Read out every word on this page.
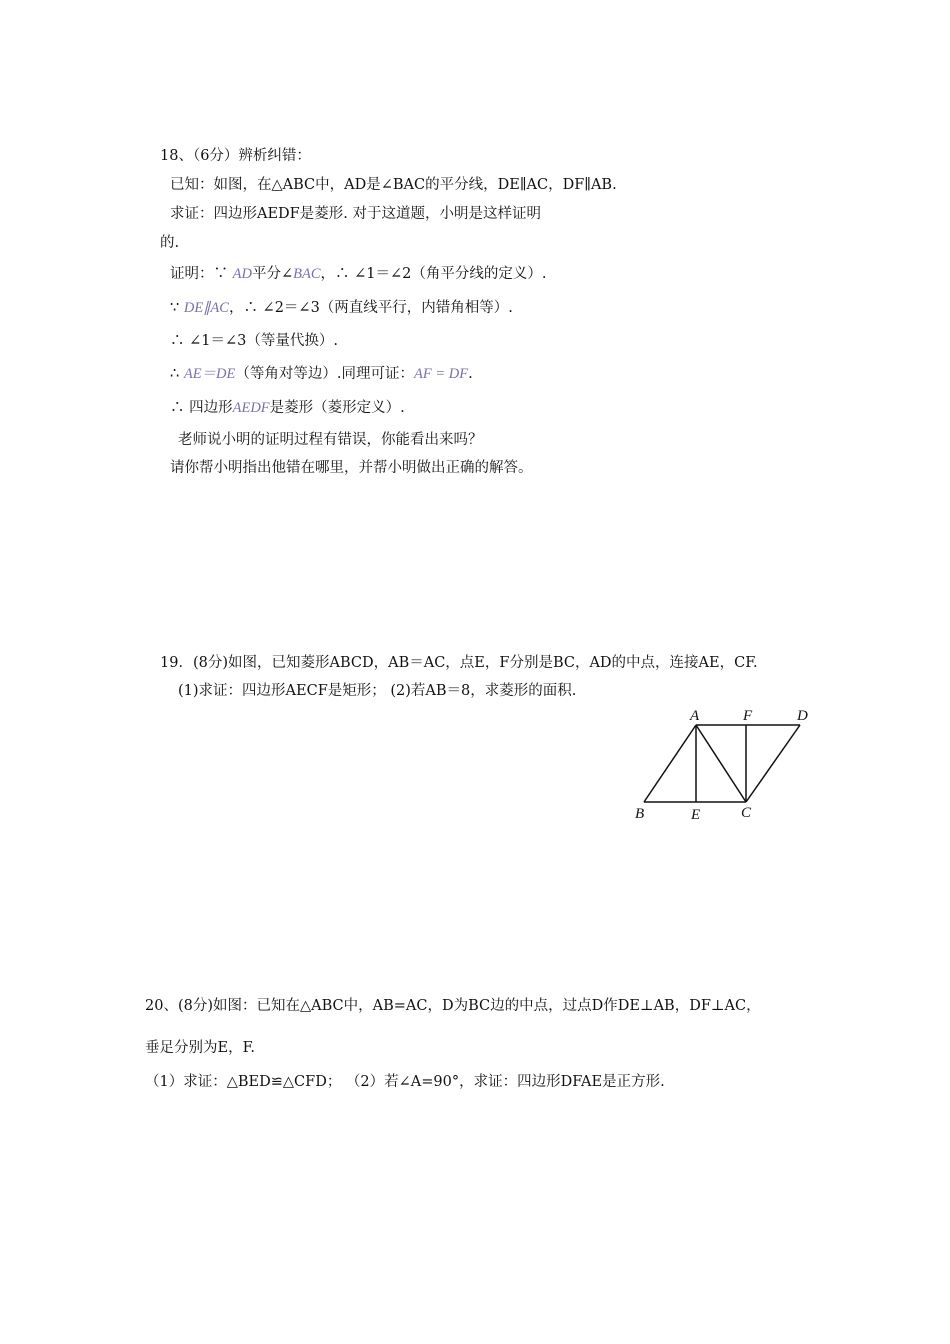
18、（6分）辨析纠错：
已知：如图，在△ABC中，AD是∠BAC的平分线，DE∥AC，DF∥AB.
求证：四边形AEDF是菱形. 对于这道题，小明是这样证明
的.
证明：∵ AD平分∠BAC，∴ ∠1＝∠2（角平分线的定义）.
∵ DE∥AC，∴ ∠2＝∠3（两直线平行，内错角相等）.
∴ ∠1＝∠3（等量代换）.
∴ AE＝DE（等角对等边）.同理可证：AF = DF.
∴ 四边形AEDF是菱形（菱形定义）.
老师说小明的证明过程有错误，你能看出来吗？
请你帮小明指出他错在哪里，并帮小明做出正确的解答。
19．(8分)如图，已知菱形ABCD，AB＝AC，点E，F分别是BC，AD的中点，连接AE，CF.
(1)求证：四边形AECF是矩形； (2)若AB＝8，求菱形的面积.
A	F	D
B	E	C
20、(8分)如图：已知在△ABC中，AB=AC，D为BC边的中点，过点D作DE⊥AB，DF⊥AC，
垂足分别为E，F.
（1）求证：△BED≌△CFD； （2）若∠A=90°，求证：四边形DFAE是正方形.
